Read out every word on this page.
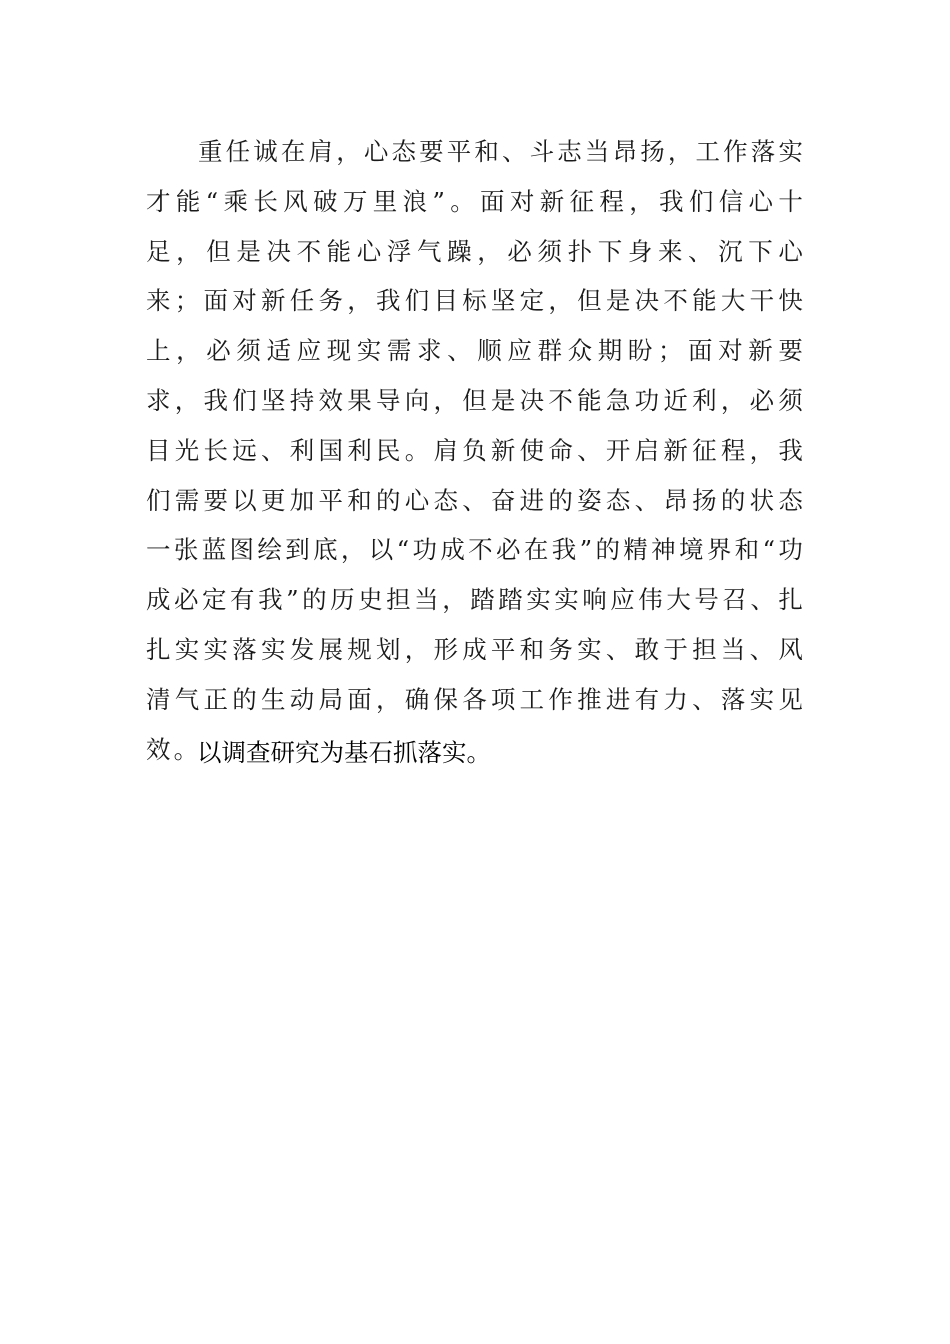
重任诚在肩，心态要平和、斗志当昂扬，工作落实才能“乘长风破万里浪”。面对新征程，我们信心十足，但是决不能心浮气躁，必须扑下身来、沉下心来；面对新任务，我们目标坚定，但是决不能大干快上，必须适应现实需求、顺应群众期盼；面对新要求，我们坚持效果导向，但是决不能急功近利，必须目光长远、利国利民。肩负新使命、开启新征程，我们需要以更加平和的心态、奋进的姿态、昂扬的状态一张蓝图绘到底，以“功成不必在我”的精神境界和“功成必定有我”的历史担当，踏踏实实响应伟大号召、扎扎实实落实发展规划，形成平和务实、敢于担当、风清气正的生动局面，确保各项工作推进有力、落实见效。

以调查研究为基石抓落实。
